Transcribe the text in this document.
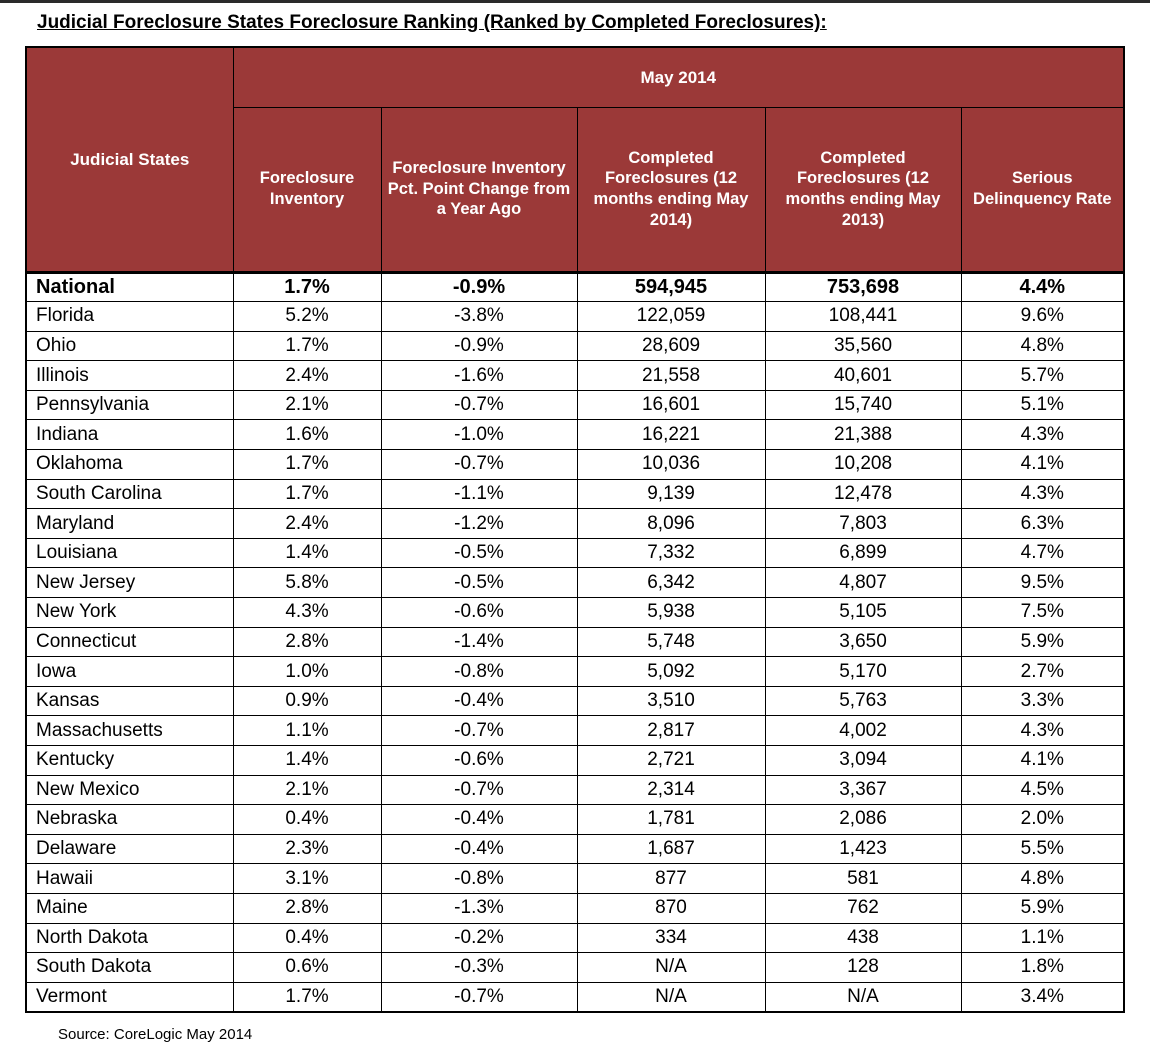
Judicial Foreclosure States Foreclosure Ranking (Ranked by Completed Foreclosures):
Judicial States	May 2014				
	Foreclosure Inventory	Foreclosure Inventory Pct. Point Change from a Year Ago	Completed Foreclosures (12 months ending May 2014)	Completed Foreclosures (12 months ending May 2013)	Serious Delinquency Rate
National	1.7%	-0.9%	594,945	753,698	4.4%
Florida	5.2%	-3.8%	122,059	108,441	9.6%
Ohio	1.7%	-0.9%	28,609	35,560	4.8%
Illinois	2.4%	-1.6%	21,558	40,601	5.7%
Pennsylvania	2.1%	-0.7%	16,601	15,740	5.1%
Indiana	1.6%	-1.0%	16,221	21,388	4.3%
Oklahoma	1.7%	-0.7%	10,036	10,208	4.1%
South Carolina	1.7%	-1.1%	9,139	12,478	4.3%
Maryland	2.4%	-1.2%	8,096	7,803	6.3%
Louisiana	1.4%	-0.5%	7,332	6,899	4.7%
New Jersey	5.8%	-0.5%	6,342	4,807	9.5%
New York	4.3%	-0.6%	5,938	5,105	7.5%
Connecticut	2.8%	-1.4%	5,748	3,650	5.9%
Iowa	1.0%	-0.8%	5,092	5,170	2.7%
Kansas	0.9%	-0.4%	3,510	5,763	3.3%
Massachusetts	1.1%	-0.7%	2,817	4,002	4.3%
Kentucky	1.4%	-0.6%	2,721	3,094	4.1%
New Mexico	2.1%	-0.7%	2,314	3,367	4.5%
Nebraska	0.4%	-0.4%	1,781	2,086	2.0%
Delaware	2.3%	-0.4%	1,687	1,423	5.5%
Hawaii	3.1%	-0.8%	877	581	4.8%
Maine	2.8%	-1.3%	870	762	5.9%
North Dakota	0.4%	-0.2%	334	438	1.1%
South Dakota	0.6%	-0.3%	N/A	128	1.8%
Vermont	1.7%	-0.7%	N/A	N/A	3.4%
Source: CoreLogic May 2014
